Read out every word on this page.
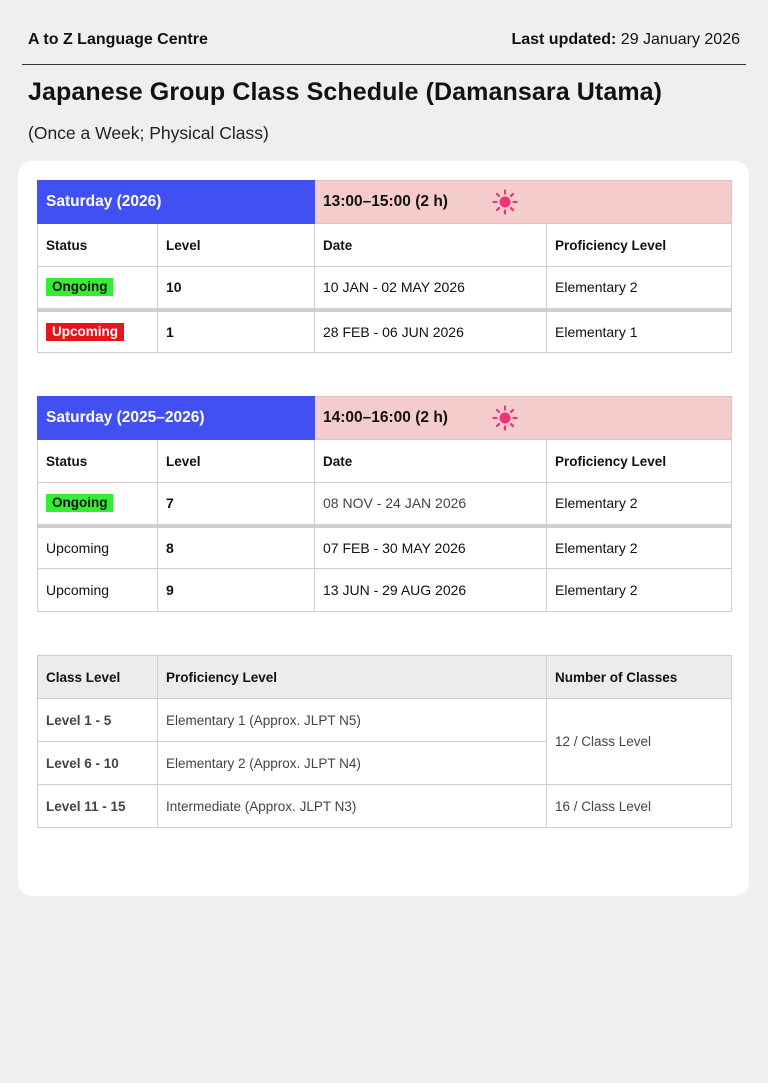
A to Z Language Centre	Last updated: 29 January 2026
Japanese Group Class Schedule (Damansara Utama)
(Once a Week; Physical Class)
Saturday (2026)		13:00–15:00 (2 h)	

Status	Level	Date	Proficiency Level
Ongoing	10	10 JAN - 02 MAY 2026	Elementary 2
Upcoming	1	28 FEB - 06 JUN 2026	Elementary 1
Saturday (2025–2026)		14:00–16:00 (2 h)	

Status	Level	Date	Proficiency Level
Ongoing	7	08 NOV - 24 JAN 2026	Elementary 2
Upcoming	8	07 FEB - 30 MAY 2026	Elementary 2
Upcoming	9	13 JUN - 29 AUG 2026	Elementary 2
Class Level	Proficiency Level	Number of Classes
Level 1 - 5	Elementary 1 (Approx. JLPT N5)	12 / Class Level
Level 6 - 10	Elementary 2 (Approx. JLPT N4)	
Level 11 - 15	Intermediate (Approx. JLPT N3)	16 / Class Level
